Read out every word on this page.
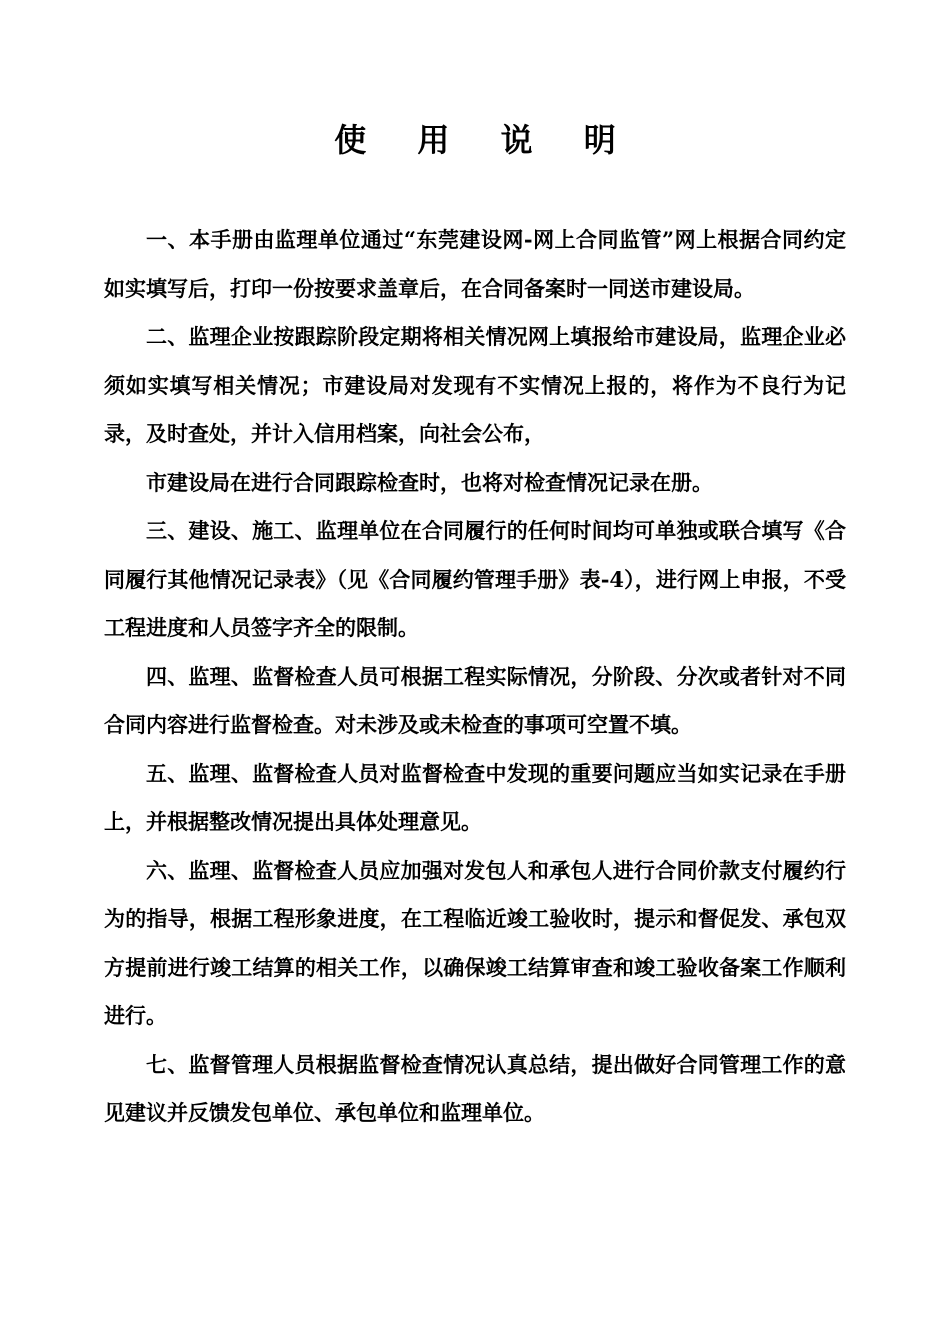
使 用 说 明

一、本手册由监理单位通过“东莞建设网-网上合同监管”网上根据合同约定如实填写后，打印一份按要求盖章后，在合同备案时一同送市建设局。

二、监理企业按跟踪阶段定期将相关情况网上填报给市建设局，监理企业必须如实填写相关情况；市建设局对发现有不实情况上报的，将作为不良行为记录，及时查处，并计入信用档案，向社会公布，

市建设局在进行合同跟踪检查时，也将对检查情况记录在册。

三、建设、施工、监理单位在合同履行的任何时间均可单独或联合填写《合同履行其他情况记录表》（见《合同履约管理手册》表-4），进行网上申报，不受工程进度和人员签字齐全的限制。

四、监理、监督检查人员可根据工程实际情况，分阶段、分次或者针对不同合同内容进行监督检查。对未涉及或未检查的事项可空置不填。

五、监理、监督检查人员对监督检查中发现的重要问题应当如实记录在手册上，并根据整改情况提出具体处理意见。

六、监理、监督检查人员应加强对发包人和承包人进行合同价款支付履约行为的指导，根据工程形象进度，在工程临近竣工验收时，提示和督促发、承包双方提前进行竣工结算的相关工作，以确保竣工结算审查和竣工验收备案工作顺利进行。

七、监督管理人员根据监督检查情况认真总结，提出做好合同管理工作的意见建议并反馈发包单位、承包单位和监理单位。
